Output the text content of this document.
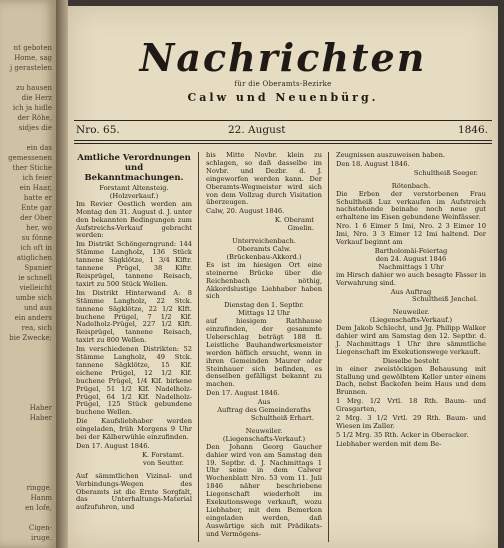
nt geboten
Home, sag
j gerastelen
zu hausen
die Herz
ich ja hidle
der Röhe,
sidjes die
ein das
gemessenen
ther Stiche
ich feier
ein Haar,
batte er
Ente gar
der Ober
her, wo
su fönne
ich oft in
atiglichen
Spanier
ie schnell
vielleicht
umbe sich
und aus
ein anders
rea, sich
bie Zwecke;
Haber
Haber
ringge.
Hanm
en Iofe,
Cigen-
iruge.
Nachrichten
für die Oberamts-Bezirke
Calw und Neuenbürg.
Nro. 65.	22. August	1846.
Amtliche Verordnungen und Bekanntmachungen.
Forstamt Altensteig.
(Holzverkauf.)
Im Revier Oestlich werden am Montag den 31. August d. J. unter den bekannten Bedingungen zum Aufstreichs-Verkauf gebracht werden:
Im Distrikt Schöngerngrund: 144 Stämme Langholz, 136 Stück tannene Sägklötze, 1 3/4 Klftr. tannene Prügel, 38 Klftr. Reisprügel, tannene Reisach, taxirt zu 500 Stück Wellen.
Im Distrikt Hinterwand A: 8 Stämme Langholz, 22 Stck. tannene Sägklötze, 22 1/2 Klft. buchene Prügel, 7 1/2 Klf. Nadelholz-Prügel, 227 1/2 Klft. Reisprügel, tannene Reisach, taxirt zu 800 Wellen.
Im verschiedenen Distrikten: 52 Stämme Langholz, 49 Stck. tannene Sägklötze, 15 Klf. eichene Prügel, 12 1/2 Klf. buchene Prügel, 1/4 Klf. birkene Prügel, 51 1/2 Klf. Nadelholz-Prügel, 64 1/2 Klf. Nadelholz-Prügel, 125 Stück gebundene buchene Wellen.
Die Kaufsliebhaber werden eingeladen, früh Morgens 9 Uhr bei der Kälberwühle einzufinden.
Den 17. August 1846.
K. Forstamt.
von Seutter.
Auf sämmtlichen Vizinal- und Verbindungs-Wegen des Oberamts ist die Ernte Sorgfalt, das Unterhaltungs-Material aufzufuhren, und
bis Mitte Novbr. klein zu schlagen, so daß dasselbe im Novbr. und Dezbr. d. J. eingeworfen werden kann. Der Oberamts-Wegmeister wird sich von dem Vollzug durch Visitation überzeugen.
Calw, 20. August 1846.
K. Oberamt
Gmelin.
Unterreichenbach.
Oberamts Calw.
(Brückenbau-Akkord.)
Es ist im hiesigen Ort eine steinerne Brücke über die Reichenbach nöthig, Akkordslustige Liebhaber haben sich
Dienstag den 1. Septbr.
Mittags 12 Uhr
auf hiesigem Rathhause einzufinden, der gesammte Ueberschlag beträgt 188 fl. Leistliche Bauhandwerksmeister werden höflich ersucht, wenn in ihren Gemeinden Maurer oder Steinhauer sich befinden, es denselben gefälligst bekannt zu machen.
Den 17. August 1846.
Aus
Auftrag des Gemeinderaths
Schultheiß Erhart.
Neuweiler.
(Liegenschafts-Verkauf.)
Den Johann Georg Gaucher dahier wird von am Samstag den 19. Septbr. d. J. Nachmittags 1 Uhr seine in dem Calwer Wochenblatt Nro. 53 vom 11. Juli 1846 näher beschriebene Liegenschaft wiederholt im Exekutionswege verkauft, wozu Liebhaber, mit dem Bemerken eingeladen werden, daß Auswärtige sich mit Prädikats- und Vermögens-
Zeugnissen auszuweisen haben.
Den 18. August 1846.
Schultheiß Seeger.
Rötenbach.
Die Erben der verstorbenen Frau Schultheiß Luz verkaufen im Aufstreich nachstehende beinahe noch neue gut erhaltene im Eisen gebundene Weinfässer.
Nro. 1 6 Eimer 5 Imi, Nro. 2 3 Eimer 10 Imi, Nro. 3 3 Eimer 12 Imi haltend. Der Verkauf beginnt am
Bartholomäi-Feiertag
den 24. August 1846
Nachmittags 1 Uhr
im Hirsch dahier wo auch besagte Fässer in Verwahrung sind.
Aus Auftrag
Schultheiß Jenchel.
Neuweiler.
(Liegenschafts-Verkauf.)
Dem Jakob Schlecht, und Jg. Philipp Walker dahier wird am Samstag den 12. Septbr. d. J. Nachmittags 1 Uhr ihre sämmtliche Liegenschaft im Exekutionswege verkauft.
Dieselbe besteht
in einer zweistöckigen Behausung mit Stallung und gewölbtem Keller unter einem Dach, nebst Backofen beim Haus und dem Brunnen.
1 Mrg. 1/2 Vrtl. 18 Rth. Baum- und Grasgarten,
2 Mrg. 3 1/2 Vrtl. 29 Rth. Baum- und Wiesen im Zaller.
5 1/2 Mrg. 35 Rth. Acker in Oberacker.
Liebhaber werden mit dem Be-
